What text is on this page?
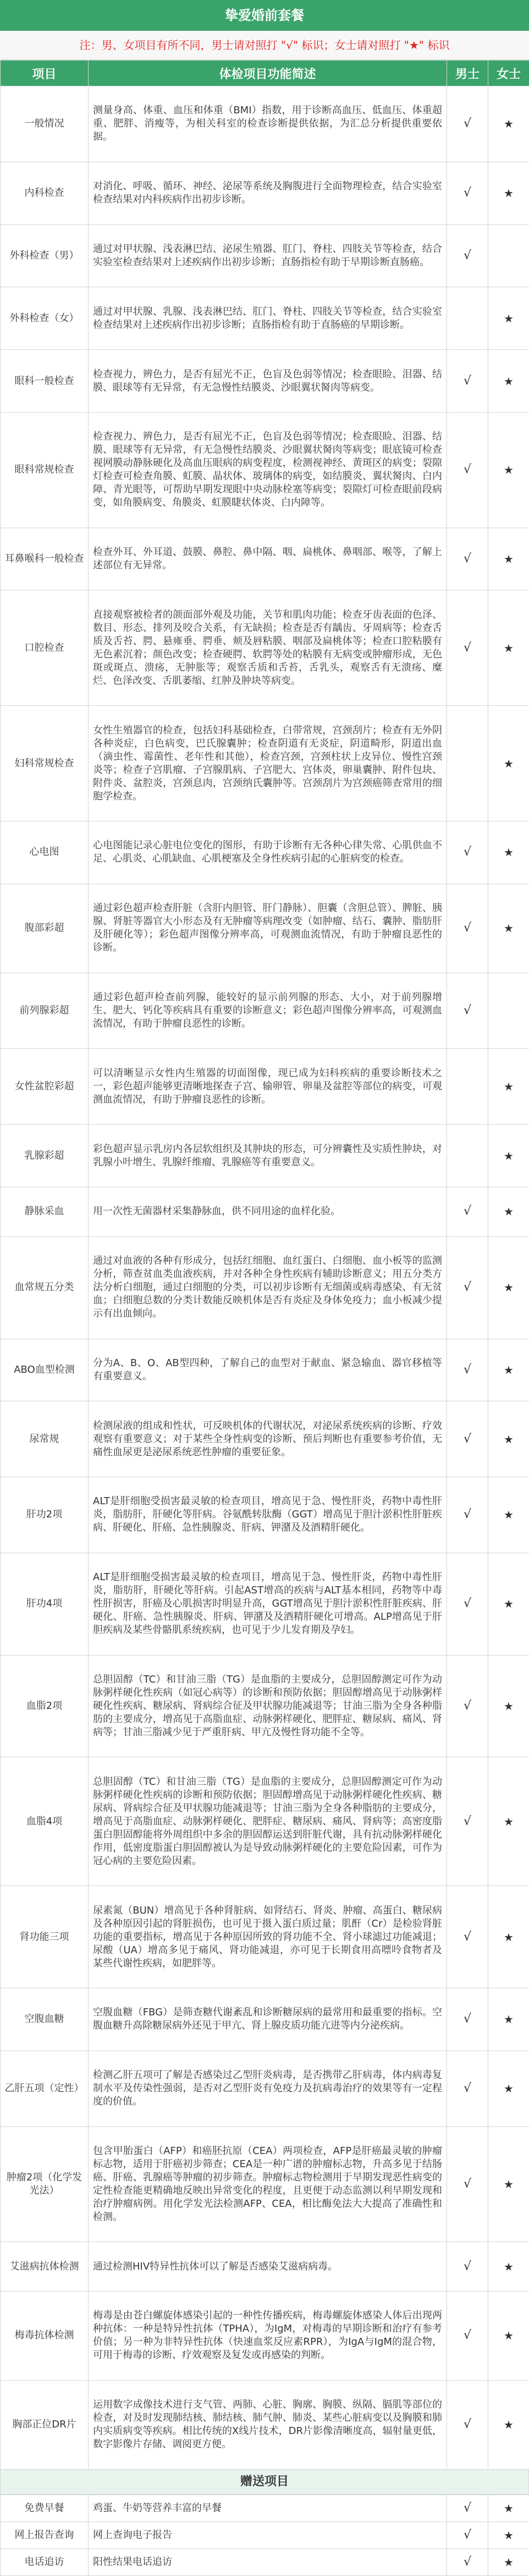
挚爱婚前套餐
注：男、女项目有所不同，男士请对照打 "√" 标识；女士请对照打 "★" 标识
项目	体检项目功能简述	男士	女士
一般情况	测量身高、体重、血压和体重（BMI）指数，用于诊断高血压、低血压、体重超重、肥胖、消瘦等，为相关科室的检查诊断提供依据，为汇总分析提供重要依据。	√	★
内科检查	对消化、呼吸、循环、神经、泌尿等系统及胸腹进行全面物理检查，结合实验室检查结果对内科疾病作出初步诊断。	√	★
外科检查（男）	通过对甲状腺、浅表淋巴结、泌尿生殖器、肛门、脊柱、四肢关节等检查，结合实验室检查结果对上述疾病作出初步诊断；直肠指检有助于早期诊断直肠癌。	√	
外科检查（女）	通过对甲状腺、乳腺、浅表淋巴结、肛门、脊柱、四肢关节等检查，结合实验室检查结果对上述疾病作出初步诊断；直肠指检有助于直肠癌的早期诊断。		★
眼科一般检查	检查视力，辨色力，是否有屈光不正，色盲及色弱等情况；检查眼睑、泪器、结膜、眼球等有无异常，有无急慢性结膜炎、沙眼翼状胬肉等病变。	√	★
眼科常规检查	检查视力、辨色力，是否有屈光不正，色盲及色弱等情况；检查眼睑、泪器、结膜、眼球等有无异常，有无急慢性结膜炎、沙眼翼状胬肉等病变；眼底镜可检查视网膜动静脉硬化及高血压眼病的病变程度，检测视神经、黄斑区的病变；裂隙灯检查可检查角膜、虹膜、晶状体、玻璃体的病变，如结膜炎、翼状胬肉、白内障、青光眼等，可帮助早期发现眼中央动脉栓塞等病变；裂隙灯可检查眼前段病变，如角膜病变、角膜炎、虹膜睫状体炎、白内障等。	√	★
耳鼻喉科一般检查	检查外耳、外耳道、鼓膜、鼻腔、鼻中隔、咽、扁桃体、鼻咽部、喉等，了解上述部位有无异常。	√	★
口腔检查	直接观察被检者的颌面部外观及功能，关节和肌肉功能；检查牙齿表面的色泽、数目、形态、排列及咬合关系，有无缺损；检查是否有龋齿、牙周病等；检查舌质及舌苔、腭、悬雍垂、腭垂、颊及唇粘膜、咽部及扁桃体等；检查口腔粘膜有无色素沉着；颜色改变；检查硬腭、软腭等处的粘膜有无病变或肿瘤形成，无色斑或斑点、溃疡，无肿胀等；观察舌质和舌苔，舌乳头，观察舌有无溃疡、糜烂、色泽改变、舌肌萎缩、红肿及肿块等病变。	√	★
妇科常规检查	女性生殖器官的检查，包括妇科基础检查，白带常规，宫颈刮片；检查有无外阴各种炎症，白色病变，巴氏腺囊肿；检查阴道有无炎症，阴道畸形，阴道出血（滴虫性、霉菌性、老年性和其他），检查宫颈，宫颈柱状上皮异位、慢性宫颈炎等；检查子宫肌瘤、子宫腺肌病、子宫肥大、宫体炎，卵巢囊肿、附件包块、附件炎、盆腔炎，宫颈息肉，宫颈纳氏囊肿等。宫颈刮片为宫颈癌筛查常用的细胞学检查。		★
心电图	心电图能记录心脏电位变化的图形，有助于诊断有无各种心律失常、心肌供血不足、心肌炎、心肌缺血、心肌梗塞及全身性疾病引起的心脏病变的检查。	√	★
腹部彩超	通过彩色超声检查肝脏（含肝内胆管、肝门静脉）、胆囊（含胆总管）、脾脏、胰腺、肾脏等器官大小形态及有无肿瘤等病理改变（如肿瘤、结石、囊肿、脂肪肝及肝硬化等）；彩色超声图像分辨率高，可观测血流情况，有助于肿瘤良恶性的诊断。	√	★
前列腺彩超	通过彩色超声检查前列腺，能较好的显示前列腺的形态、大小，对于前列腺增生、肥大、钙化等疾病具有重要的诊断意义；彩色超声图像分辨率高，可观测血流情况，有助于肿瘤良恶性的诊断。	√	
女性盆腔彩超	可以清晰显示女性内生殖器的切面图像，现已成为妇科疾病的重要诊断技术之一，彩色超声能够更清晰地探查子宫、输卵管、卵巢及盆腔等部位的病变，可观测血流情况，有助于肿瘤良恶性的诊断。		★
乳腺彩超	彩色超声显示乳房内各层软组织及其肿块的形态，可分辨囊性及实质性肿块，对乳腺小叶增生、乳腺纤维瘤、乳腺癌等有重要意义。		★
静脉采血	用一次性无菌器材采集静脉血，供不同用途的血样化验。	√	★
血常规五分类	通过对血液的各种有形成分，包括红细胞、血红蛋白、白细胞、血小板等的监测分析，筛查贫血类血液疾病，并对各种全身性疾病有辅助诊断意义；用五分类方法分析白细胞，通过白细胞的分类，可以初步诊断有无细菌或病毒感染、有无贫血；白细胞总数的分类计数能反映机体是否有炎症及身体免疫力；血小板减少提示有出血倾向。	√	★
ABO血型检测	分为A、B、O、AB型四种，了解自己的血型对于献血、紧急输血、器官移植等有重要意义。	√	★
尿常规	检测尿液的组成和性状，可反映机体的代谢状况，对泌尿系统疾病的诊断、疗效观察有重要意义；对于某些全身性病变的诊断、预后判断也有重要参考价值，无痛性血尿更是泌尿系统恶性肿瘤的重要征象。	√	★
肝功2项	ALT是肝细胞受损害最灵敏的检查项目，增高见于急、慢性肝炎，药物中毒性肝炎，脂肪肝，肝硬化等肝病。谷氨酰转肽酶（GGT）增高见于胆汁淤积性肝脏疾病、肝硬化、肝癌、急性胰腺炎、肝病、钾潴及及酒精肝硬化。	√	★
肝功4项	ALT是肝细胞受损害最灵敏的检查项目，增高见于急、慢性肝炎，药物中毒性肝炎，脂肪肝，肝硬化等肝病。引起AST增高的疾病与ALT基本相同，药物等中毒性肝损害，肝癌及心肌损害时明显升高，GGT增高见于胆汁淤积性肝脏疾病、肝硬化、肝癌、急性胰腺炎、肝病、钾潴及及酒精肝硬化可增高。ALP增高见于肝胆疾病及某些骨骼肌系统疾病，也可见于少儿发育期及孕妇。	√	★
血脂2项	总胆固醇（TC）和甘油三脂（TG）是血脂的主要成分，总胆固醇测定可作为动脉粥样硬化性疾病（如冠心病等）的诊断和预防依据；胆固醇增高见于动脉粥样硬化性疾病、糖尿病、肾病综合征及甲状腺功能减退等；甘油三脂为全身各种脂肪的主要成分，增高见于高脂血症、动脉粥样硬化、肥胖症、糖尿病、痛风、肾病等；甘油三脂减少见于严重肝病、甲亢及慢性肾功能不全等。	√	★
血脂4项	总胆固醇（TC）和甘油三脂（TG）是血脂的主要成分，总胆固醇测定可作为动脉粥样硬化性疾病的诊断和预防依据；胆固醇增高见于动脉粥样硬化性疾病、糖尿病、肾病综合征及甲状腺功能减退等；甘油三脂为全身各种脂肪的主要成分，增高见于高脂血症、动脉粥样硬化、肥胖症、糖尿病、痛风、肾病等；高密度脂蛋白胆固醇能将外周组织中多余的胆固醇运送到肝脏代谢，具有抗动脉粥样硬化作用，低密度脂蛋白胆固醇被认为是导致动脉粥样硬化的主要危险因素，可作为冠心病的主要危险因素。	√	★
肾功能三项	尿素氮（BUN）增高见于各种肾脏病、如肾结石、肾炎、肿瘤、高蛋白、糖尿病及各种原因引起的肾脏损伤，也可见于摄入蛋白质过量；肌酐（Cr）是检验肾脏功能的重要指标，增高见于各种原因所致的肾功能不全、肾小球滤过功能减退；尿酸（UA）增高多见于痛风、肾功能减退，亦可见于长期食用高嘌呤食物者及某些代谢性疾病，如肥胖等。	√	★
空腹血糖	空腹血糖（FBG）是筛查糖代谢紊乱和诊断糖尿病的最常用和最重要的指标。空腹血糖升高除糖尿病外还见于甲亢、肾上腺皮质功能亢进等内分泌疾病。	√	★
乙肝五项（定性）	检测乙肝五项可了解是否感染过乙型肝炎病毒，是否携带乙肝病毒，体内病毒复制水平及传染性强弱，是否对乙型肝炎有免疫力及抗病毒治疗的效果等有一定程度的价值。	√	★
肿瘤2项（化学发光法）	包含甲胎蛋白（AFP）和癌胚抗原（CEA）两项检查，AFP是肝癌最灵敏的肿瘤标志物，适用于肝癌初步筛查；CEA是一种广谱的肿瘤标志物，升高多见于结肠癌、肝癌、乳腺癌等肿瘤的初步筛查。肿瘤标志物检测用于早期发现恶性病变的定性检查能更精确地反映出异常变化的程度，且更便于动态监测以利早期发现和治疗肿瘤病例。用化学发光法检测AFP、CEA，相比酶免法大大提高了准确性和检测。	√	★
艾滋病抗体检测	通过检测HIV特异性抗体可以了解是否感染艾滋病病毒。	√	★
梅毒抗体检测	梅毒是由苍白螺旋体感染引起的一种性传播疾病，梅毒螺旋体感染人体后出现两种抗体：一种是特异性抗体（TPHA），为IgM，对梅毒的早期诊断和治疗有参考价值；另一种为非特异性抗体（快速血浆反应素RPR），为IgA与IgM的混合物，可用于梅毒的诊断、疗效观察及复发或再感染的判断。	√	★
胸部正位DR片	运用数字成像技术进行支气管、两肺、心脏、胸廓、胸膜、纵隔、膈肌等部位的检查，对及时发现肺结核、肺结核、肺气肿、肺炎、某些心脏病变以及胸膜和肺内实质病变等疾病。相比传统的X线片技术，DR片影像清晰度高，辐射量更低，数字影像片存储、调阅更方便。	√	★
赠送项目
免费早餐	鸡蛋、牛奶等营养丰富的早餐	√	★
网上报告查询	网上查询电子报告	√	★
电话追访	阳性结果电话追访	√	★
